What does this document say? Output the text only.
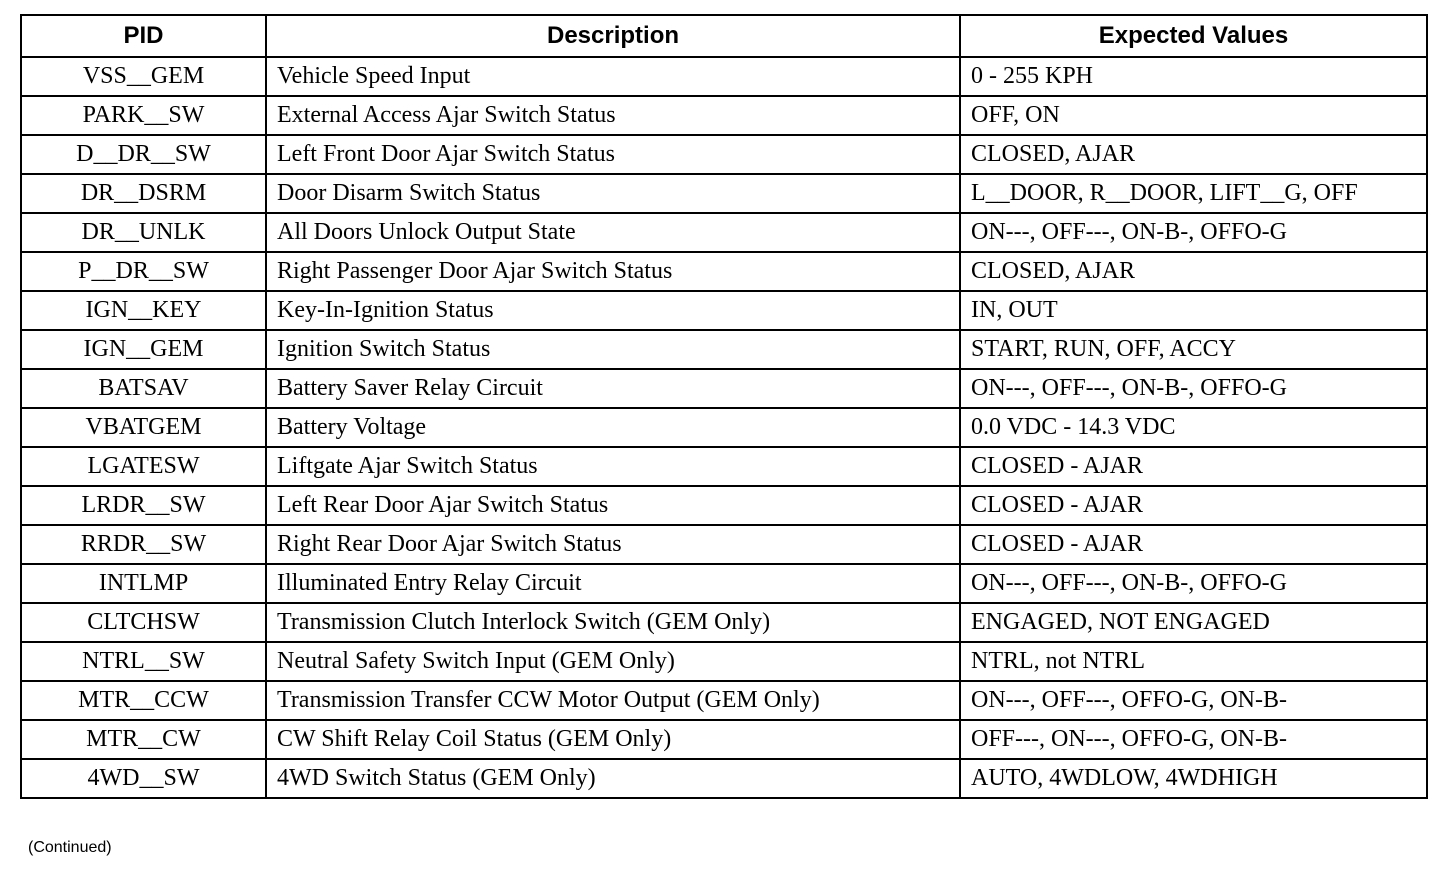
PID	Description	Expected Values
VSS__GEM	Vehicle Speed Input	0 - 255 KPH
PARK__SW	External Access Ajar Switch Status	OFF, ON
D__DR__SW	Left Front Door Ajar Switch Status	CLOSED, AJAR
DR__DSRM	Door Disarm Switch Status	L__DOOR, R__DOOR, LIFT__G, OFF
DR__UNLK	All Doors Unlock Output State	ON---, OFF---, ON-B-, OFFO-G
P__DR__SW	Right Passenger Door Ajar Switch Status	CLOSED, AJAR
IGN__KEY	Key-In-Ignition Status	IN, OUT
IGN__GEM	Ignition Switch Status	START, RUN, OFF, ACCY
BATSAV	Battery Saver Relay Circuit	ON---, OFF---, ON-B-, OFFO-G
VBATGEM	Battery Voltage	0.0 VDC - 14.3 VDC
LGATESW	Liftgate Ajar Switch Status	CLOSED - AJAR
LRDR__SW	Left Rear Door Ajar Switch Status	CLOSED - AJAR
RRDR__SW	Right Rear Door Ajar Switch Status	CLOSED - AJAR
INTLMP	Illuminated Entry Relay Circuit	ON---, OFF---, ON-B-, OFFO-G
CLTCHSW	Transmission Clutch Interlock Switch (GEM Only)	ENGAGED, NOT ENGAGED
NTRL__SW	Neutral Safety Switch Input (GEM Only)	NTRL, not NTRL
MTR__CCW	Transmission Transfer CCW Motor Output (GEM Only)	ON---, OFF---, OFFO-G, ON-B-
MTR__CW	CW Shift Relay Coil Status (GEM Only)	OFF---, ON---, OFFO-G, ON-B-
4WD__SW	4WD Switch Status (GEM Only)	AUTO, 4WDLOW, 4WDHIGH
(Continued)
